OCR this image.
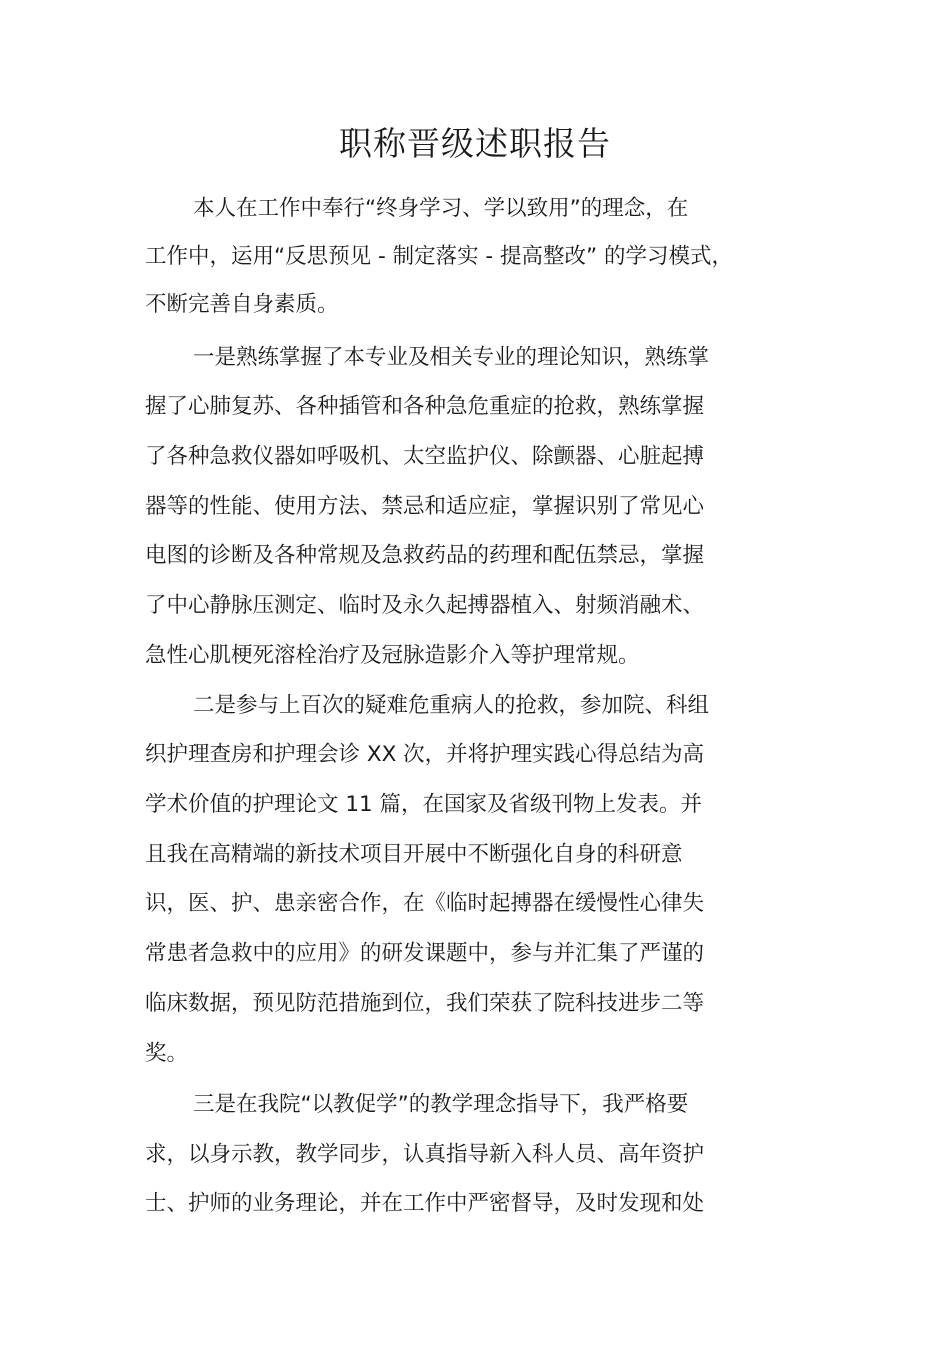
职称晋级述职报告

本人在工作中奉行“终身学习、学以致用”的理念，在

工作中，运用“反思预见 - 制定落实 - 提高整改” 的学习模式，

不断完善自身素质。

一是熟练掌握了本专业及相关专业的理论知识，熟练掌

握了心肺复苏、各种插管和各种急危重症的抢救，熟练掌握

了各种急救仪器如呼吸机、太空监护仪、除颤器、心脏起搏

器等的性能、使用方法、禁忌和适应症，掌握识别了常见心

电图的诊断及各种常规及急救药品的药理和配伍禁忌，掌握

了中心静脉压测定、临时及永久起搏器植入、射频消融术、

急性心肌梗死溶栓治疗及冠脉造影介入等护理常规。

二是参与上百次的疑难危重病人的抢救，参加院、科组

织护理查房和护理会诊 XX 次，并将护理实践心得总结为高

学术价值的护理论文 11 篇，在国家及省级刊物上发表。并

且我在高精端的新技术项目开展中不断强化自身的科研意

识，医、护、患亲密合作，在《临时起搏器在缓慢性心律失

常患者急救中的应用》的研发课题中，参与并汇集了严谨的

临床数据，预见防范措施到位，我们荣获了院科技进步二等

奖。

三是在我院“以教促学”的教学理念指导下，我严格要

求，以身示教，教学同步，认真指导新入科人员、高年资护

士、护师的业务理论，并在工作中严密督导，及时发现和处
